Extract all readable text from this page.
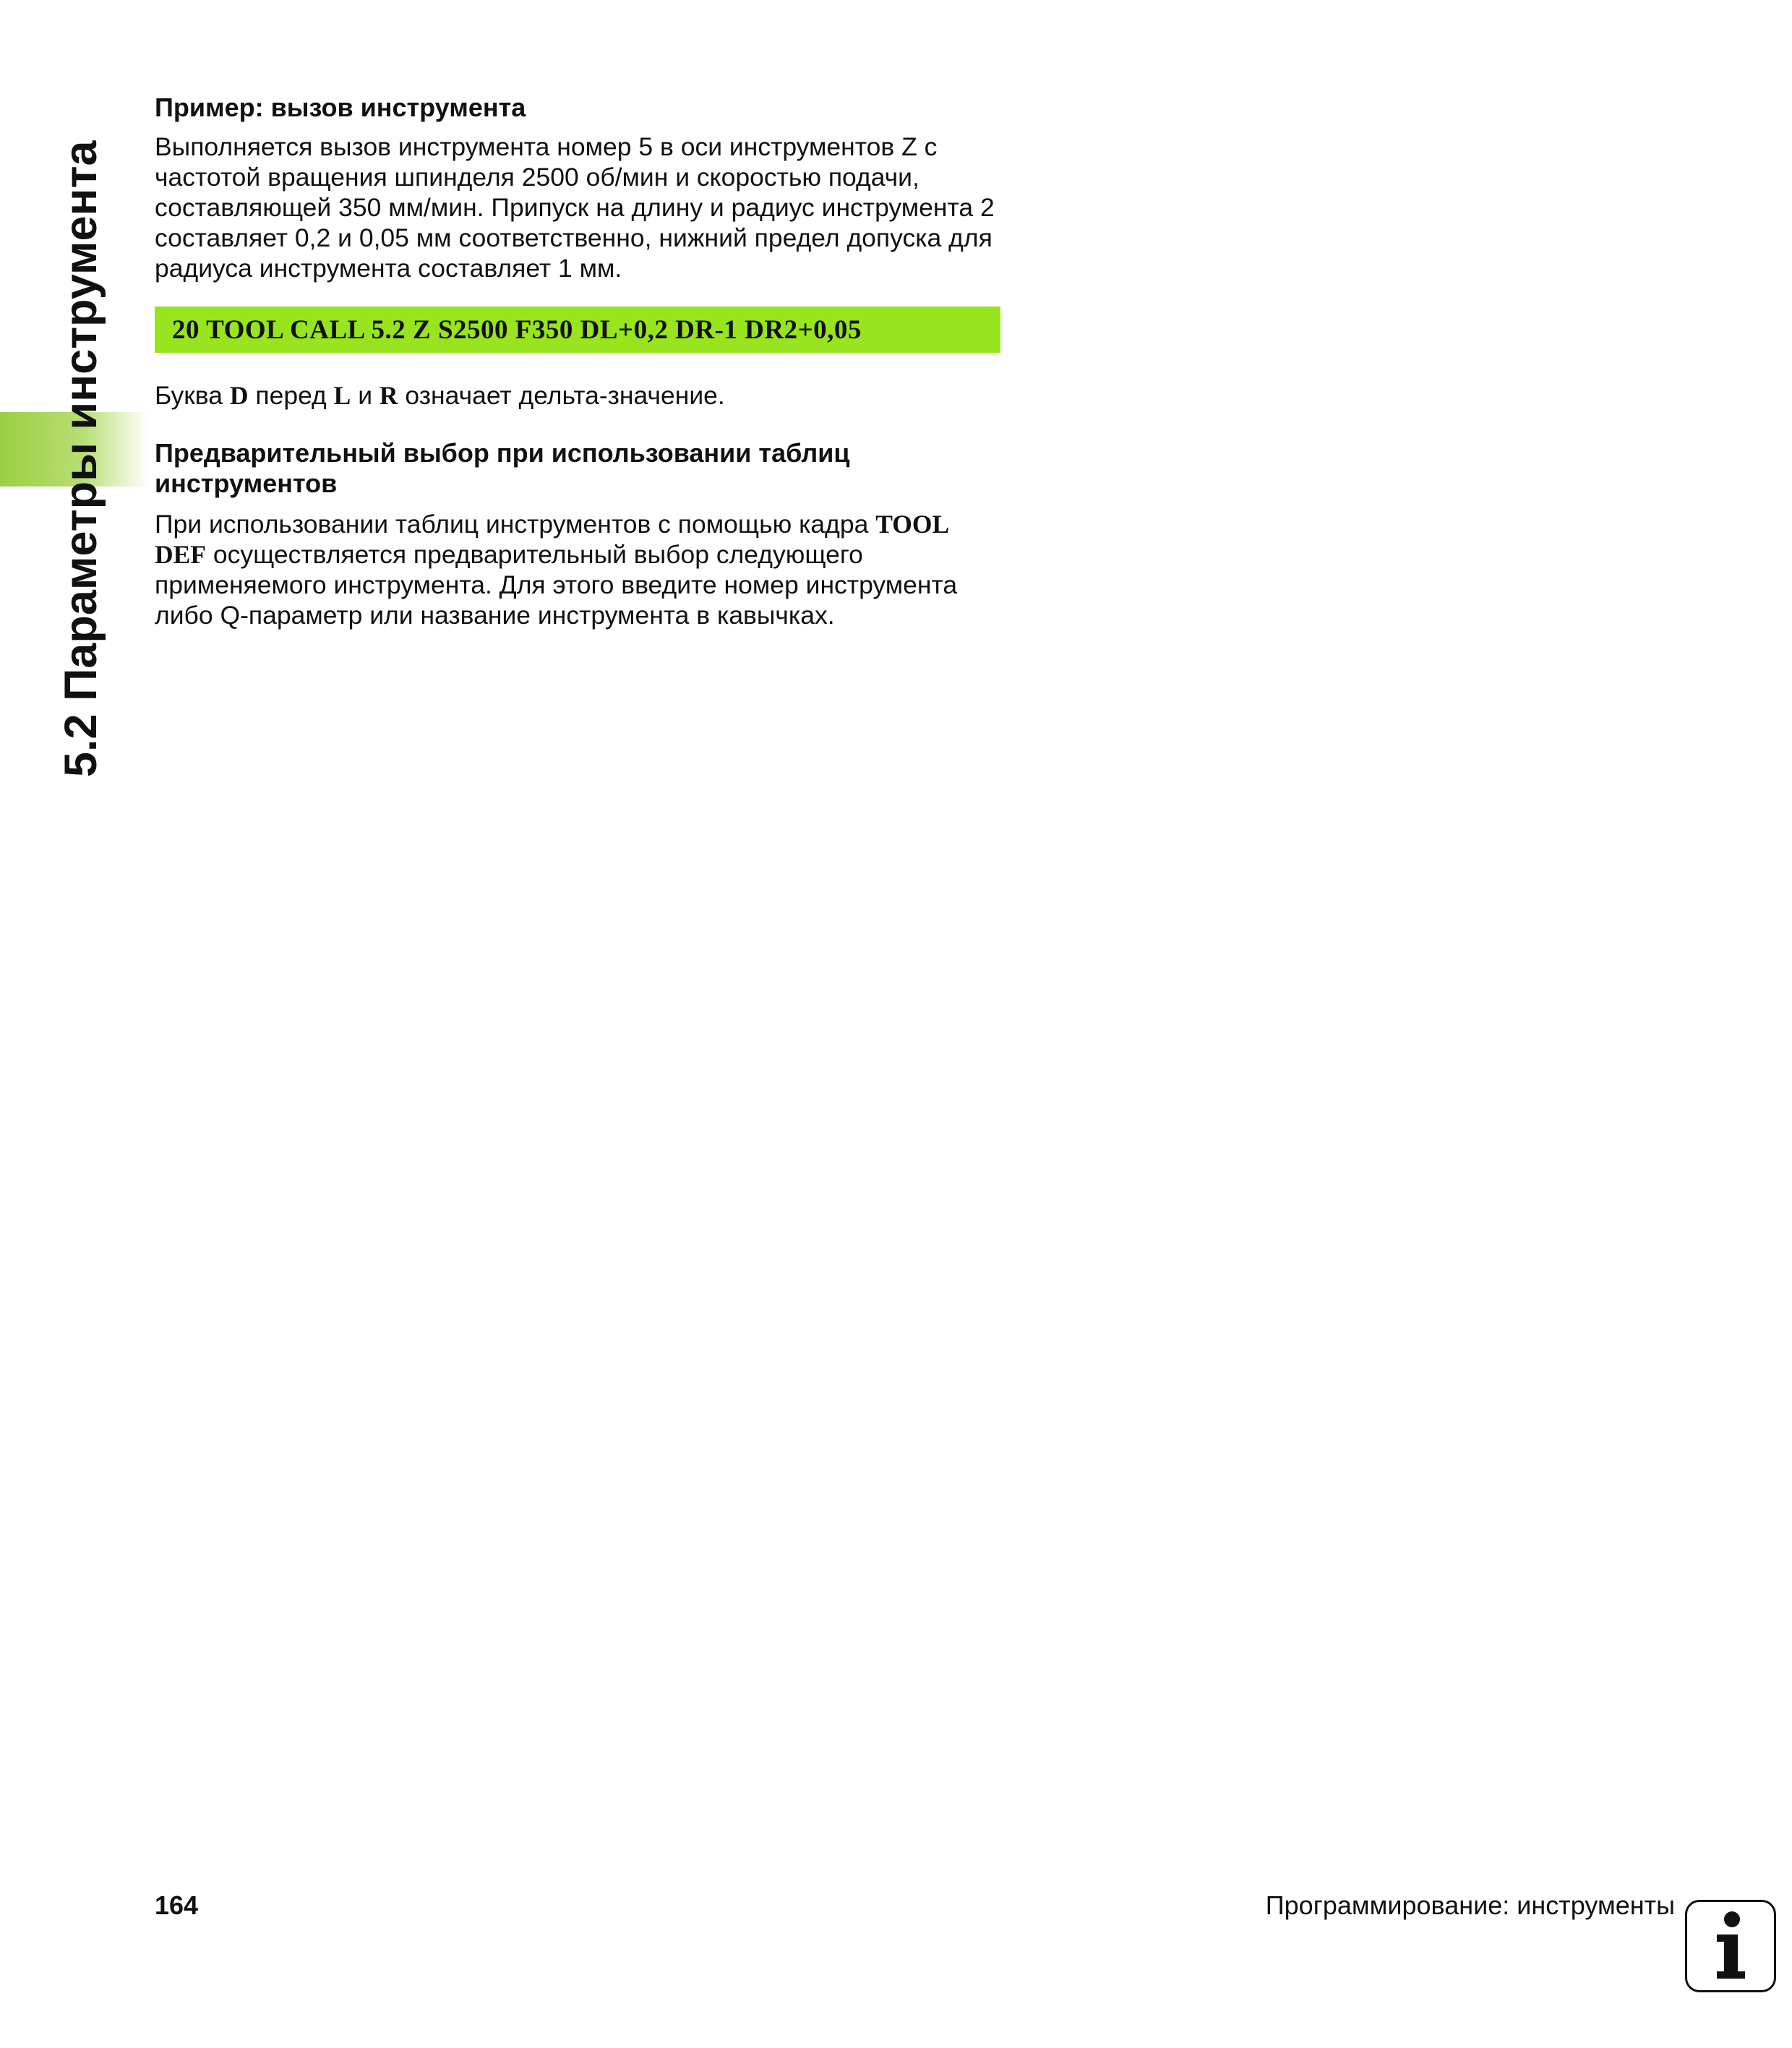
5.2 Параметры инструмента
Пример: вызов инструмента

Выполняется вызов инструмента номер 5 в оси инструментов Z с частотой вращения шпинделя 2500 об/мин и скоростью подачи, составляющей 350 мм/мин. Припуск на длину и радиус инструмента 2 составляет 0,2 и 0,05 мм соответственно, нижний предел допуска для радиуса инструмента составляет 1 мм.

20 TOOL CALL 5.2 Z S2500 F350 DL+0,2 DR-1 DR2+0,05

Буква D перед L и R означает дельта-значение.

Предварительный выбор при использовании таблиц инструментов

При использовании таблиц инструментов с помощью кадра TOOL DEF осуществляется предварительный выбор следующего применяемого инструмента. Для этого введите номер инструмента либо Q-параметр или название инструмента в кавычках.

164	Программирование: инструменты
